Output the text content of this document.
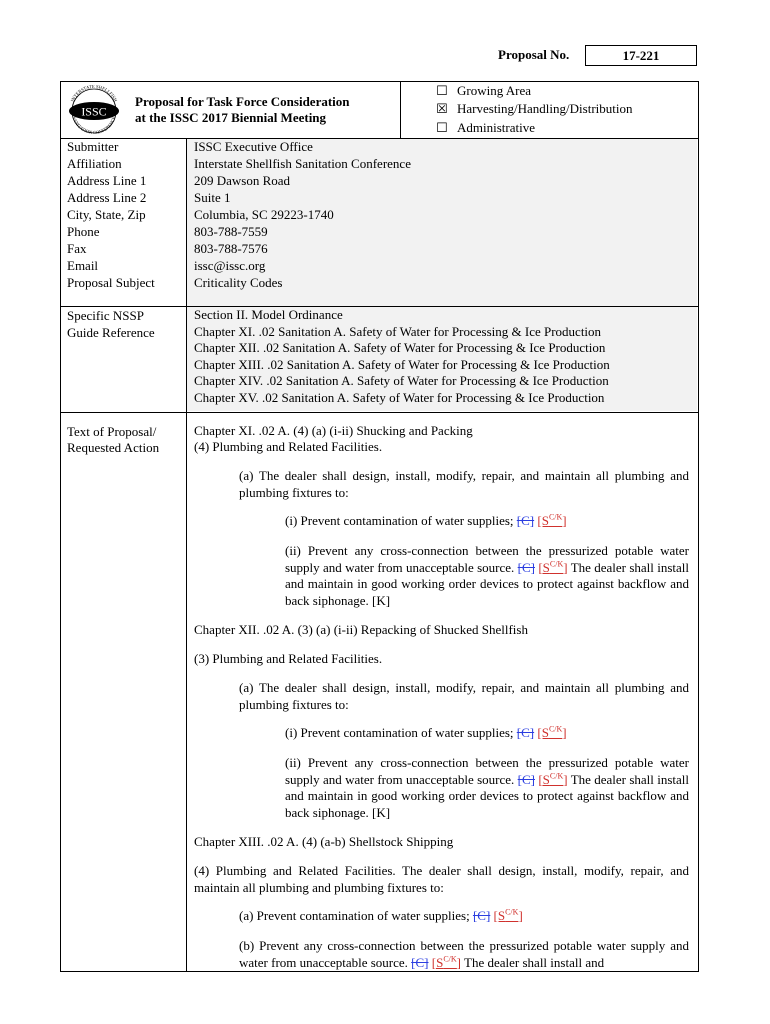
Proposal No.	17-221
INTERSTATE SHELLFISH
SANITATION CONFERENCE
ISSC
Proposal for Task Force Consideration
at the ISSC 2017 Biennial Meeting
☐ Growing Area
☒ Harvesting/Handling/Distribution
☐ Administrative
Submitter	ISSC Executive Office
Affiliation	Interstate Shellfish Sanitation Conference
Address Line 1	209 Dawson Road
Address Line 2	Suite 1
City, State, Zip	Columbia, SC 29223-1740
Phone	803-788-7559
Fax	803-788-7576
Email	issc@issc.org
Proposal Subject	Criticality Codes
Specific NSSP
Guide Reference
Section II. Model Ordinance
Chapter XI. .02 Sanitation A. Safety of Water for Processing & Ice Production
Chapter XII. .02 Sanitation A. Safety of Water for Processing & Ice Production
Chapter XIII. .02 Sanitation A. Safety of Water for Processing & Ice Production
Chapter XIV. .02 Sanitation A. Safety of Water for Processing & Ice Production
Chapter XV. .02 Sanitation A. Safety of Water for Processing & Ice Production
Text of Proposal/
Requested Action
Chapter XI. .02 A. (4) (a) (i-ii) Shucking and Packing
(4) Plumbing and Related Facilities.
(a) The dealer shall design, install, modify, repair, and maintain all plumbing and plumbing fixtures to:
(i) Prevent contamination of water supplies; [C] $[S^{C/K}]$
(ii) Prevent any cross-connection between the pressurized potable water supply and water from unacceptable source. [C] $[S^{C/K}]$ The dealer shall install and maintain in good working order devices to protect against backflow and back siphonage. [K]
Chapter XII. .02 A. (3) (a) (i-ii) Repacking of Shucked Shellfish
(3) Plumbing and Related Facilities.
(a) The dealer shall design, install, modify, repair, and maintain all plumbing and plumbing fixtures to:
(i) Prevent contamination of water supplies; [C] $[S^{C/K}]$
(ii) Prevent any cross-connection between the pressurized potable water supply and water from unacceptable source. [C] $[S^{C/K}]$ The dealer shall install and maintain in good working order devices to protect against backflow and back siphonage. [K]
Chapter XIII. .02 A. (4) (a-b) Shellstock Shipping
(4) Plumbing and Related Facilities. The dealer shall design, install, modify, repair, and maintain all plumbing and plumbing fixtures to:
(a) Prevent contamination of water supplies; [C] $[S^{C/K}]$
(b) Prevent any cross-connection between the pressurized potable water supply and water from unacceptable source. [C] $[S^{C/K}]$ The dealer shall install and
